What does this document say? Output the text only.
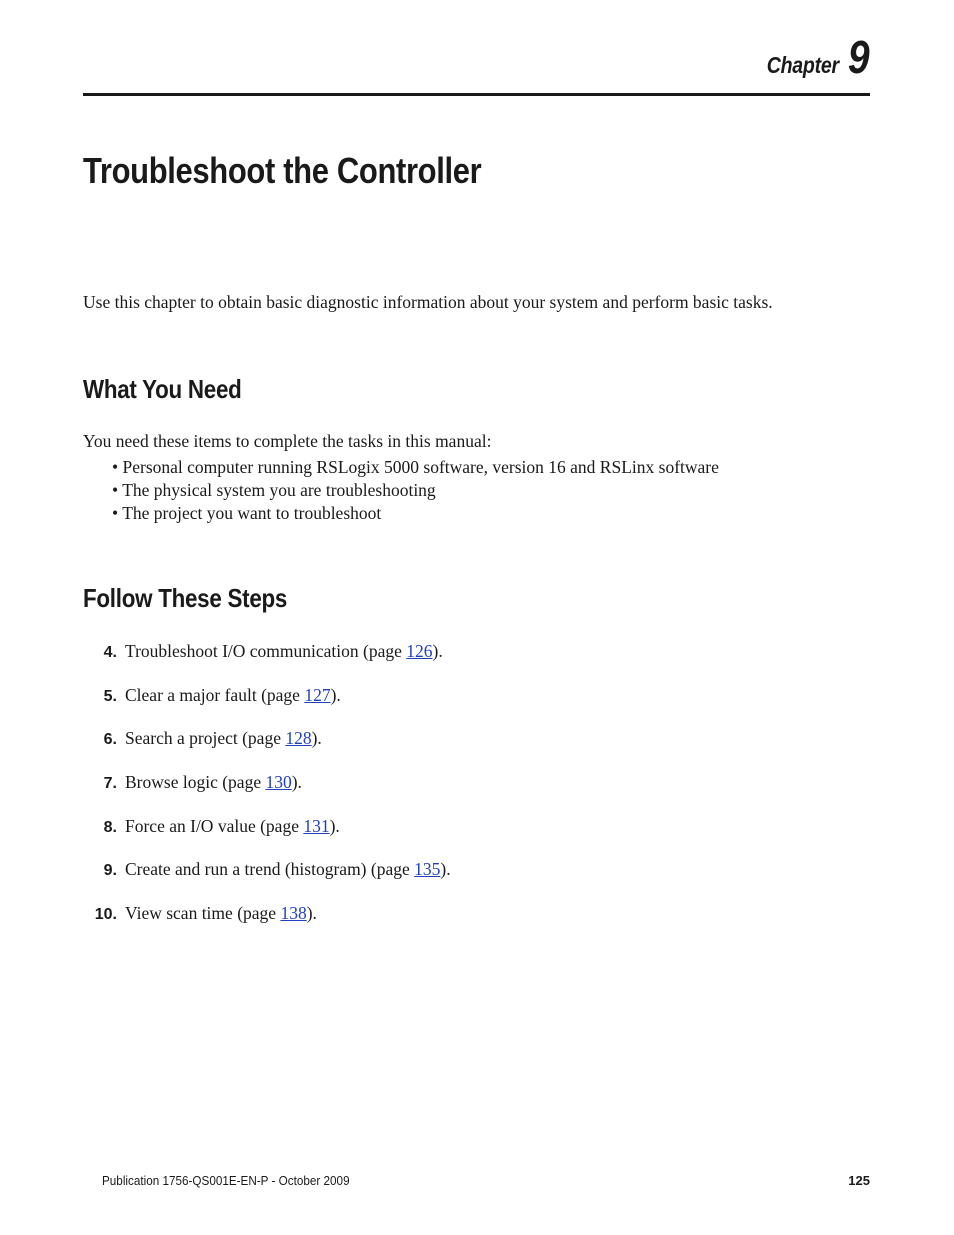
Chapter 9
Troubleshoot the Controller

Use this chapter to obtain basic diagnostic information about your system and perform basic tasks.

What You Need

You need these items to complete the tasks in this manual:

• Personal computer running RSLogix 5000 software, version 16 and RSLinx software
• The physical system you are troubleshooting
• The project you want to troubleshoot
Follow These Steps
4. Troubleshoot I/O communication (page 126).
5. Clear a major fault (page 127).
6. Search a project (page 128).
7. Browse logic (page 130).
8. Force an I/O value (page 131).
9. Create and run a trend (histogram) (page 135).
10. View scan time (page 138).
Publication 1756-QS001E-EN-P - October 2009	125
